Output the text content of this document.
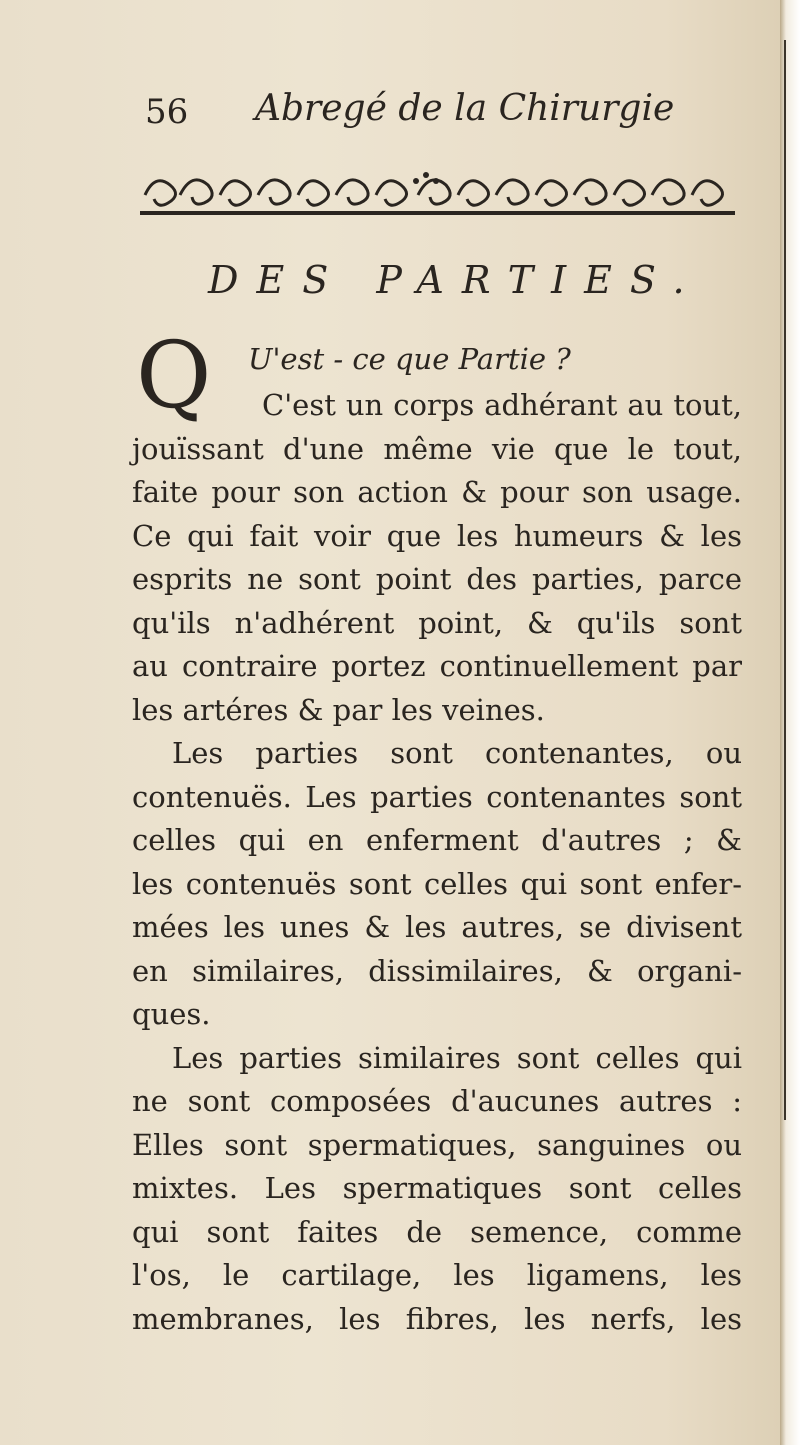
56 Abregé de la Chirurgie
DES PARTIES.
Q U'est - ce que Partie ?
C'est un corps adhérant au tout,
jouïssant d'une même vie que le tout,
faite pour son action & pour son usage.
Ce qui fait voir que les humeurs & les
esprits ne sont point des parties, parce
qu'ils n'adhérent point, & qu'ils sont
au contraire portez continuellement par
les artéres & par les veines.
Les parties sont contenantes, ou
contenuës. Les parties contenantes sont
celles qui en enferment d'autres ; &
les contenuës sont celles qui sont enfer-
mées les unes & les autres, se divisent
en similaires, dissimilaires, & organi-
ques.
Les parties similaires sont celles qui
ne sont composées d'aucunes autres :
Elles sont spermatiques, sanguines ou
mixtes. Les spermatiques sont celles
qui sont faites de semence, comme
l'os, le cartilage, les ligamens, les
membranes, les fibres, les nerfs, les
